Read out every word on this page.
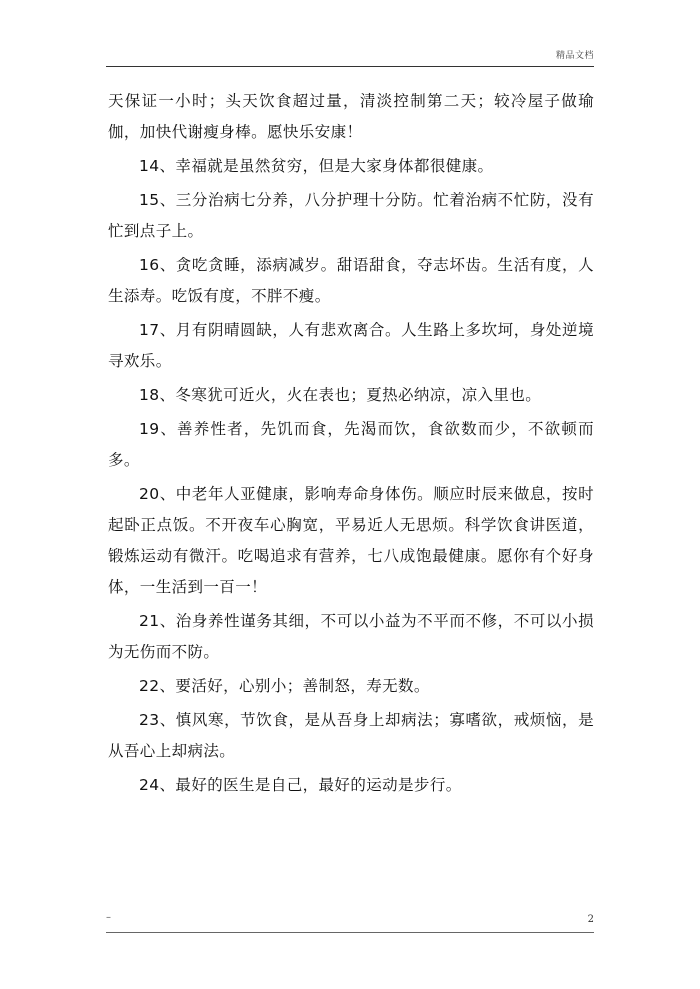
精品文档

天保证一小时；头天饮食超过量，清淡控制第二天；较冷屋子做瑜伽，加快代谢瘦身棒。愿快乐安康！

14、幸福就是虽然贫穷，但是大家身体都很健康。

15、三分治病七分养，八分护理十分防。忙着治病不忙防，没有忙到点子上。

16、贪吃贪睡，添病减岁。甜语甜食，夺志坏齿。生活有度，人生添寿。吃饭有度，不胖不瘦。

17、月有阴晴圆缺，人有悲欢离合。人生路上多坎坷，身处逆境寻欢乐。

18、冬寒犹可近火，火在表也；夏热必纳凉，凉入里也。

19、善养性者，先饥而食，先渴而饮，食欲数而少，不欲顿而多。

20、中老年人亚健康，影响寿命身体伤。顺应时辰来做息，按时起卧正点饭。不开夜车心胸宽，平易近人无思烦。科学饮食讲医道，锻炼运动有微汗。吃喝追求有营养，七八成饱最健康。愿你有个好身体，一生活到一百一！

21、治身养性谨务其细，不可以小益为不平而不修，不可以小损为无伤而不防。

22、要活好，心别小；善制怒，寿无数。

23、慎风寒，节饮食，是从吾身上却病法；寡嗜欲，戒烦恼，是从吾心上却病法。

24、最好的医生是自己，最好的运动是步行。

–	2
